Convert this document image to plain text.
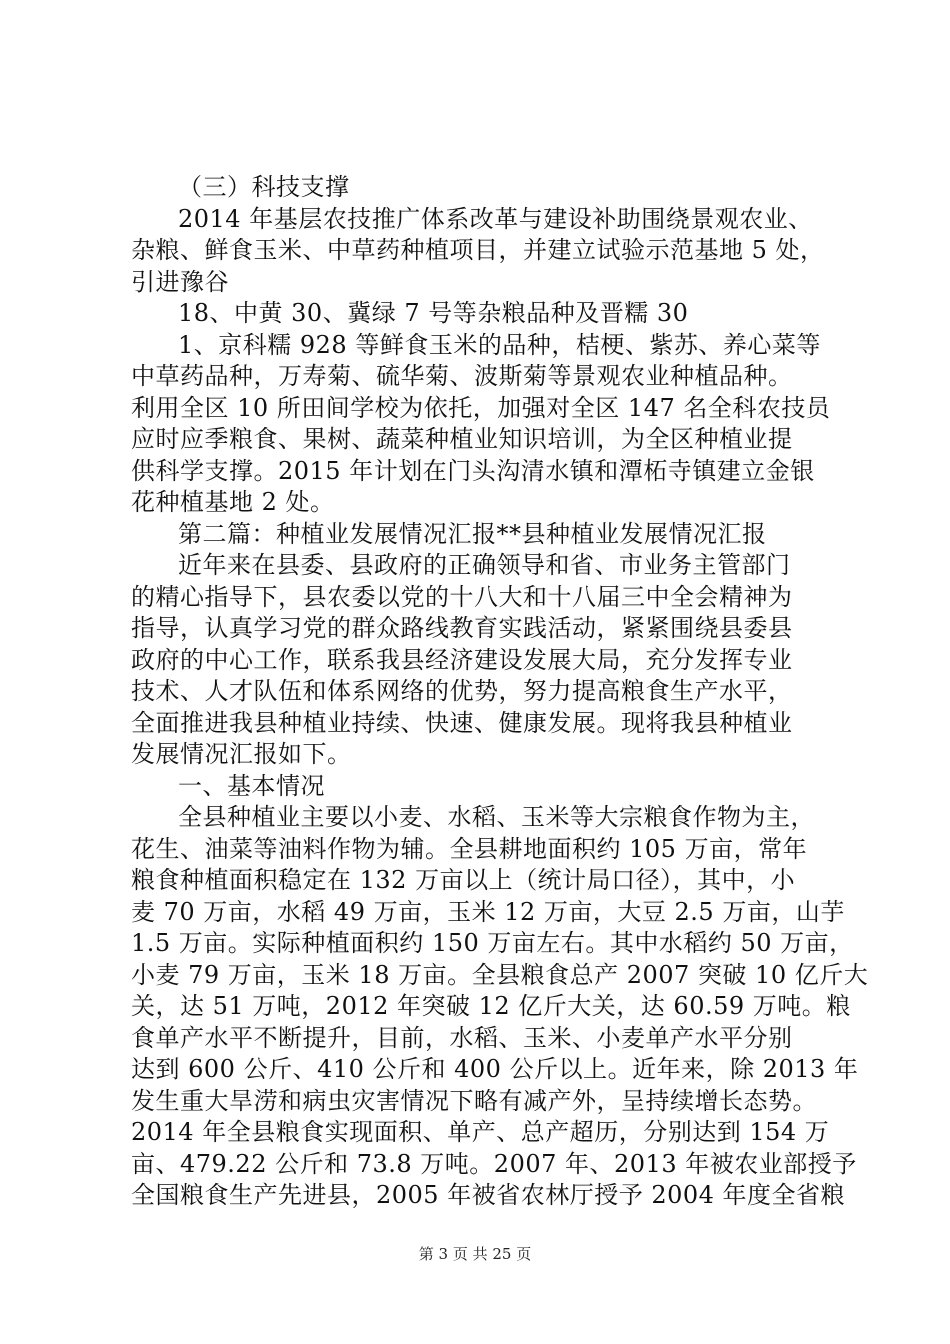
（三）科技支撑
2014 年基层农技推广体系改革与建设补助围绕景观农业、
杂粮、鲜食玉米、中草药种植项目，并建立试验示范基地 5 处，
引进豫谷
18、中黄 30、冀绿 7 号等杂粮品种及晋糯 30
1、京科糯 928 等鲜食玉米的品种，桔梗、紫苏、养心菜等
中草药品种，万寿菊、硫华菊、波斯菊等景观农业种植品种。
利用全区 10 所田间学校为依托，加强对全区 147 名全科农技员
应时应季粮食、果树、蔬菜种植业知识培训，为全区种植业提
供科学支撑。2015 年计划在门头沟清水镇和潭柘寺镇建立金银
花种植基地 2 处。
第二篇：种植业发展情况汇报**县种植业发展情况汇报
近年来在县委、县政府的正确领导和省、市业务主管部门
的精心指导下，县农委以党的十八大和十八届三中全会精神为
指导，认真学习党的群众路线教育实践活动，紧紧围绕县委县
政府的中心工作，联系我县经济建设发展大局，充分发挥专业
技术、人才队伍和体系网络的优势，努力提高粮食生产水平，
全面推进我县种植业持续、快速、健康发展。现将我县种植业
发展情况汇报如下。
一、基本情况
全县种植业主要以小麦、水稻、玉米等大宗粮食作物为主，
花生、油菜等油料作物为辅。全县耕地面积约 105 万亩，常年
粮食种植面积稳定在 132 万亩以上（统计局口径），其中，小
麦 70 万亩，水稻 49 万亩，玉米 12 万亩，大豆 2.5 万亩，山芋
1.5 万亩。实际种植面积约 150 万亩左右。其中水稻约 50 万亩，
小麦 79 万亩，玉米 18 万亩。全县粮食总产 2007 突破 10 亿斤大
关，达 51 万吨，2012 年突破 12 亿斤大关，达 60.59 万吨。粮
食单产水平不断提升，目前，水稻、玉米、小麦单产水平分别
达到 600 公斤、410 公斤和 400 公斤以上。近年来，除 2013 年
发生重大旱涝和病虫灾害情况下略有减产外，呈持续增长态势。
2014 年全县粮食实现面积、单产、总产超历，分别达到 154 万
第 3 页 共 25 页
亩、479.22 公斤和 73.8 万吨。2007 年、2013 年被农业部授予
全国粮食生产先进县，2005 年被省农林厅授予 2004 年度全省粮
